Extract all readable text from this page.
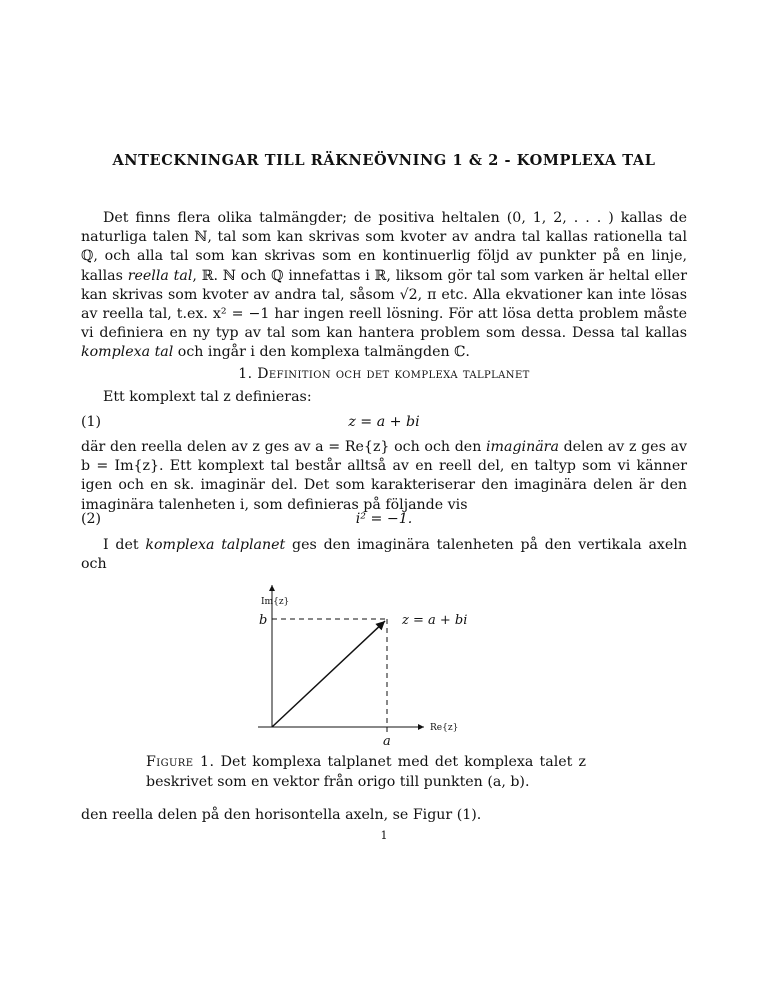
ANTECKNINGAR TILL RÄKNEÖVNING 1 & 2 - KOMPLEXA TAL

Det finns flera olika talmängder; de positiva heltalen (0, 1, 2, . . . ) kallas de naturliga talen ℕ, tal som kan skrivas som kvoter av andra tal kallas rationella tal ℚ, och alla tal som kan skrivas som en kontinuerlig följd av punkter på en linje, kallas reella tal, ℝ. ℕ och ℚ innefattas i ℝ, liksom gör tal som varken är heltal eller kan skrivas som kvoter av andra tal, såsom √2, π etc. Alla ekvationer kan inte lösas av reella tal, t.ex. x² = −1 har ingen reell lösning. För att lösa detta problem måste vi definiera en ny typ av tal som kan hantera problem som dessa. Dessa tal kallas komplexa tal och ingår i den komplexa talmängden ℂ.

1. Definition och det komplexa talplanet

Ett komplext tal z definieras:

(1)	z = a + bi

där den reella delen av z ges av a = Re{z} och och den imaginära delen av z ges av b = Im{z}. Ett komplext tal består alltså av en reell del, en taltyp som vi känner igen och en sk. imaginär del. Det som karakteriserar den imaginära delen är den imaginära talenheten i, som definieras på följande vis

(2)	i² = −1.

I det komplexa talplanet ges den imaginära talenheten på den vertikala axeln och

Im{z}
Re{z}
b
a
z = a + bi
Figure 1. Det komplexa talplanet med det komplexa talet z beskrivet som en vektor från origo till punkten (a, b).

den reella delen på den horisontella axeln, se Figur (1).

1
